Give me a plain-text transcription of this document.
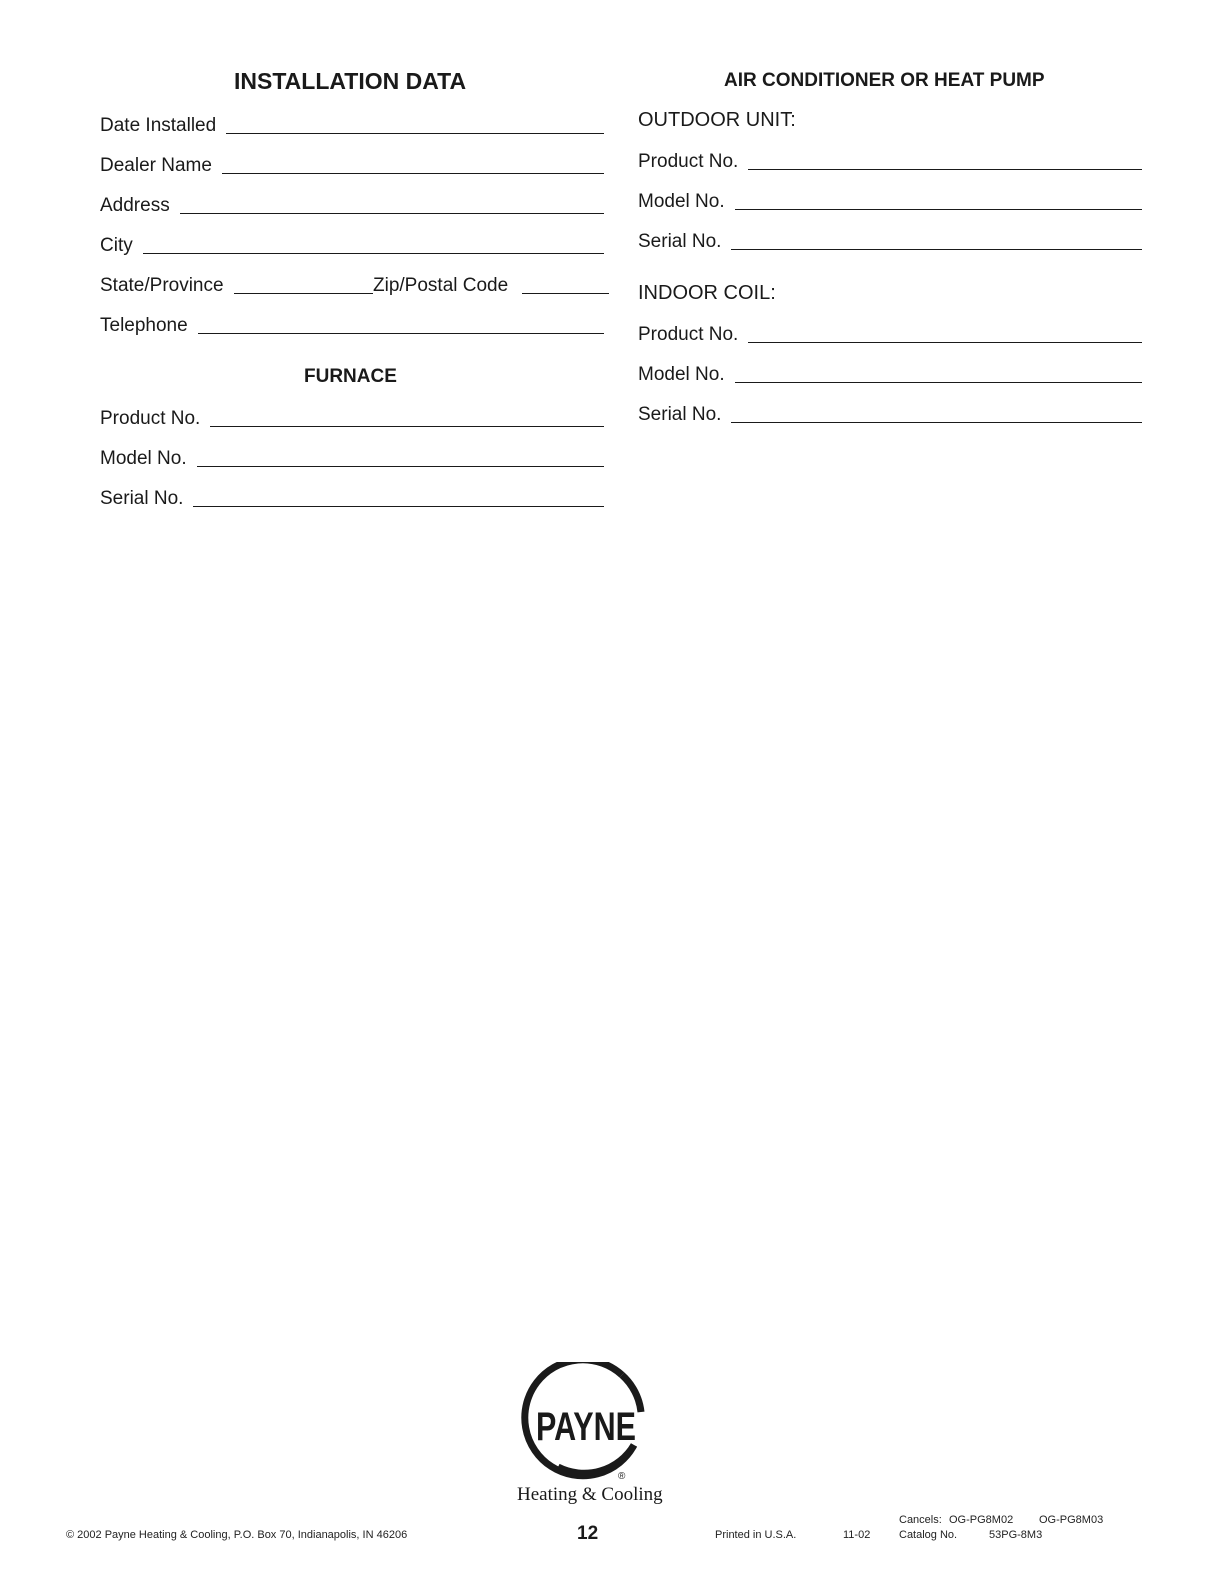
INSTALLATION DATA
Date Installed
Dealer Name
Address
City
State/Province	Zip/Postal Code
Telephone
FURNACE
Product No.
Model No.
Serial No.
AIR CONDITIONER OR HEAT PUMP
OUTDOOR UNIT:
Product No.
Model No.
Serial No.
INDOOR COIL:
Product No.
Model No.
Serial No.
PAYNE
®
Heating & Cooling
© 2002 Payne Heating & Cooling, P.O. Box 70, Indianapolis, IN 46206	12	Printed in U.S.A.	11-02
Cancels: OG-PG8M02 OG-PG8M03
Catalog No.	53PG-8M3
